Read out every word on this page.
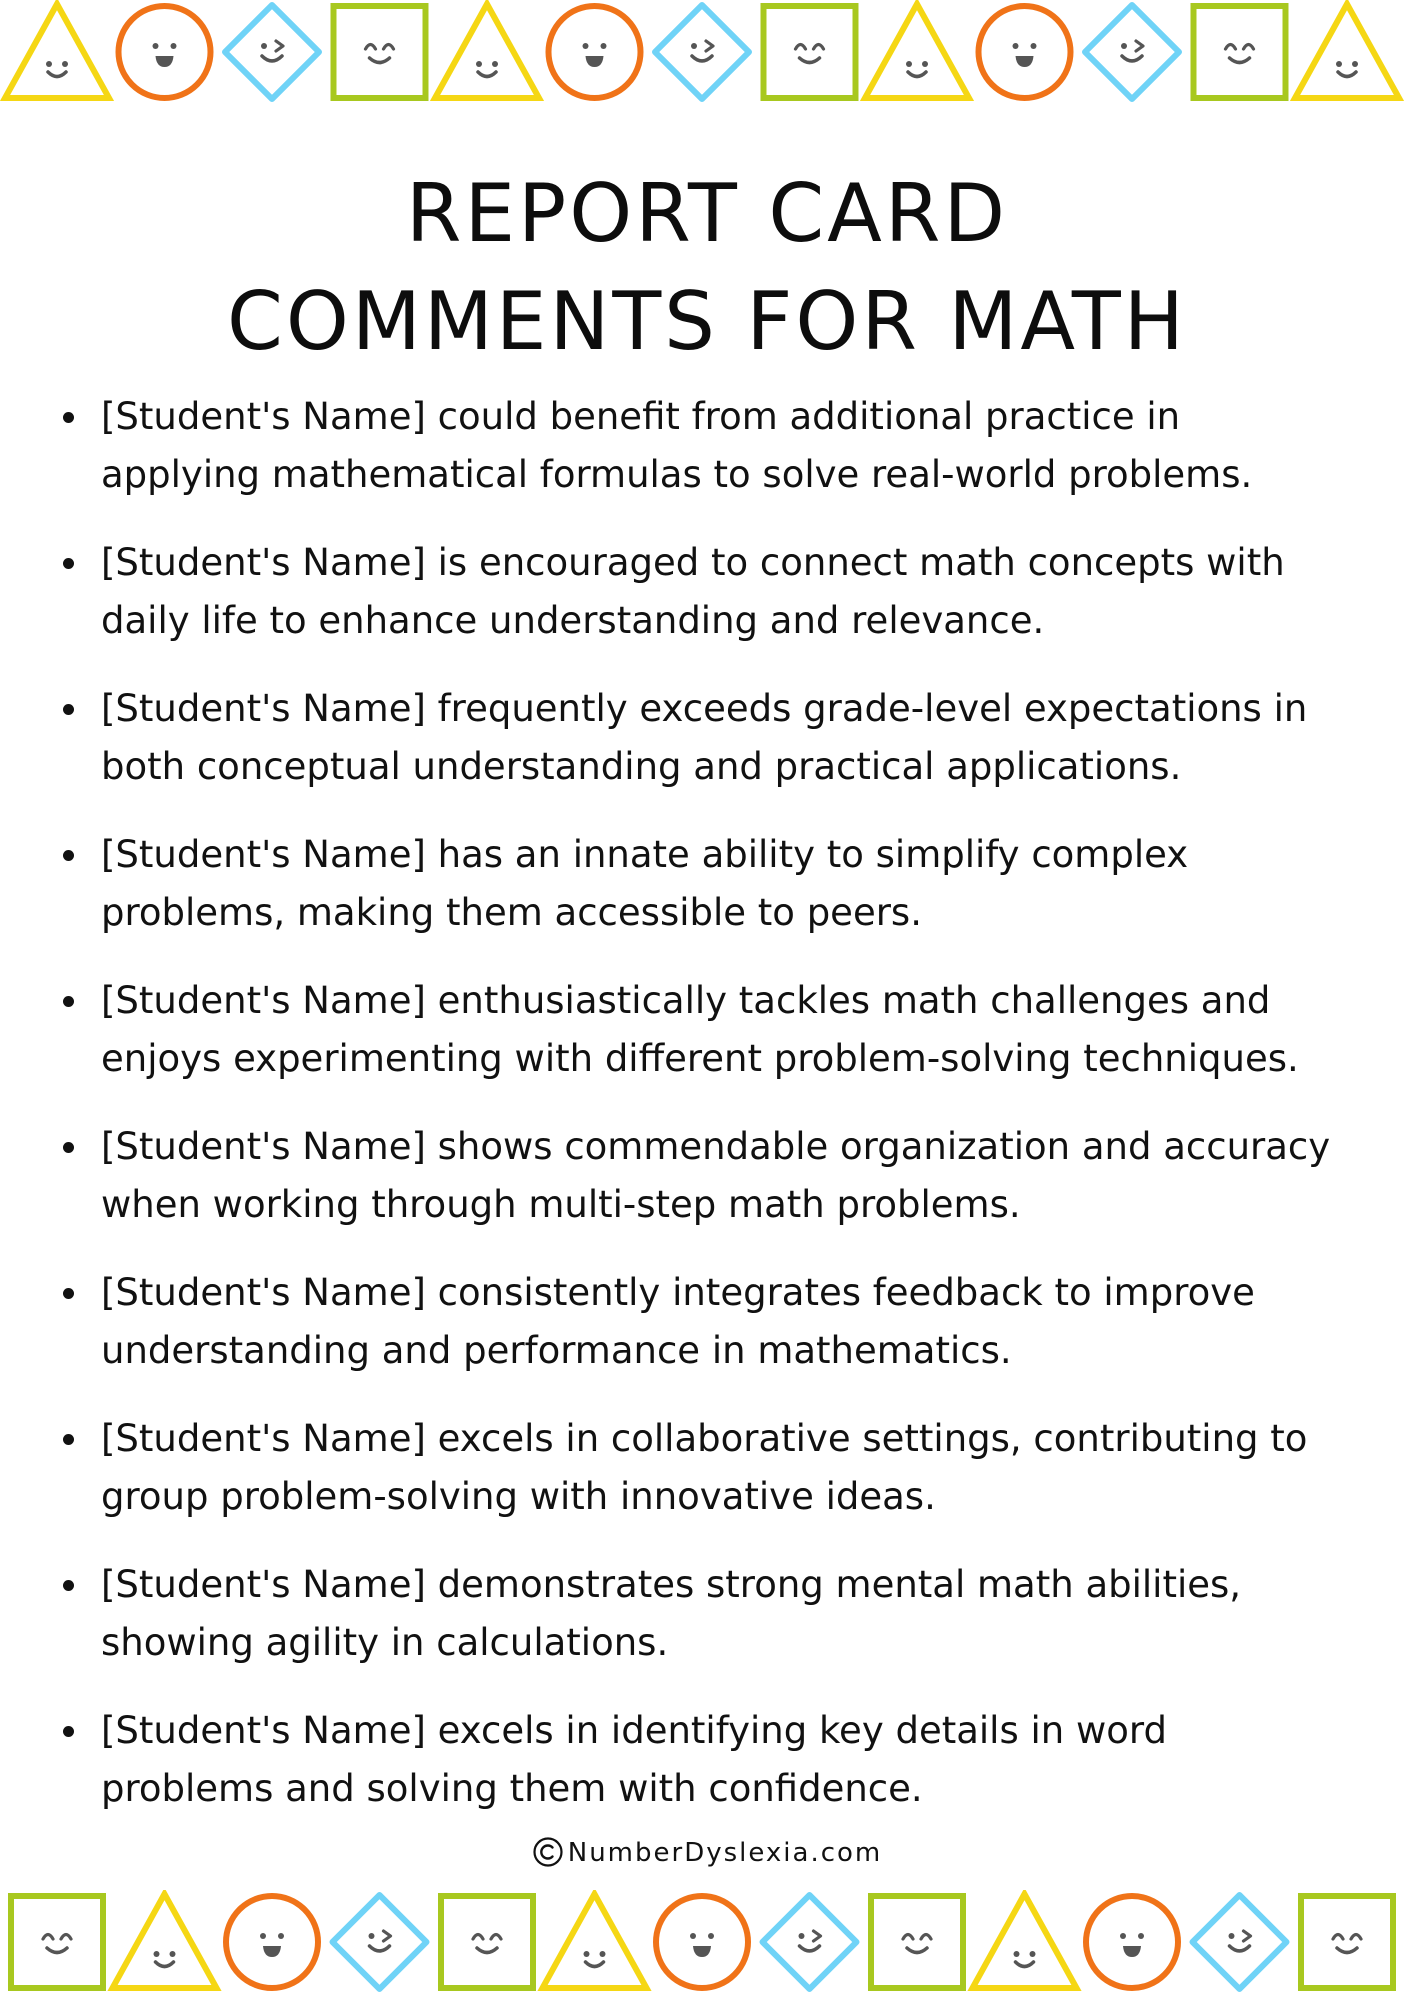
REPORT CARD
COMMENTS FOR MATH
[Student's Name] could benefit from additional practice in
applying mathematical formulas to solve real-world problems.
[Student's Name] is encouraged to connect math concepts with
daily life to enhance understanding and relevance.
[Student's Name] frequently exceeds grade-level expectations in
both conceptual understanding and practical applications.
[Student's Name] has an innate ability to simplify complex
problems, making them accessible to peers.
[Student's Name] enthusiastically tackles math challenges and
enjoys experimenting with different problem-solving techniques.
[Student's Name] shows commendable organization and accuracy
when working through multi-step math problems.
[Student's Name] consistently integrates feedback to improve
understanding and performance in mathematics.
[Student's Name] excels in collaborative settings, contributing to
group problem-solving with innovative ideas.
[Student's Name] demonstrates strong mental math abilities,
showing agility in calculations.
[Student's Name] excels in identifying key details in word
problems and solving them with confidence.
NumberDyslexia.com
